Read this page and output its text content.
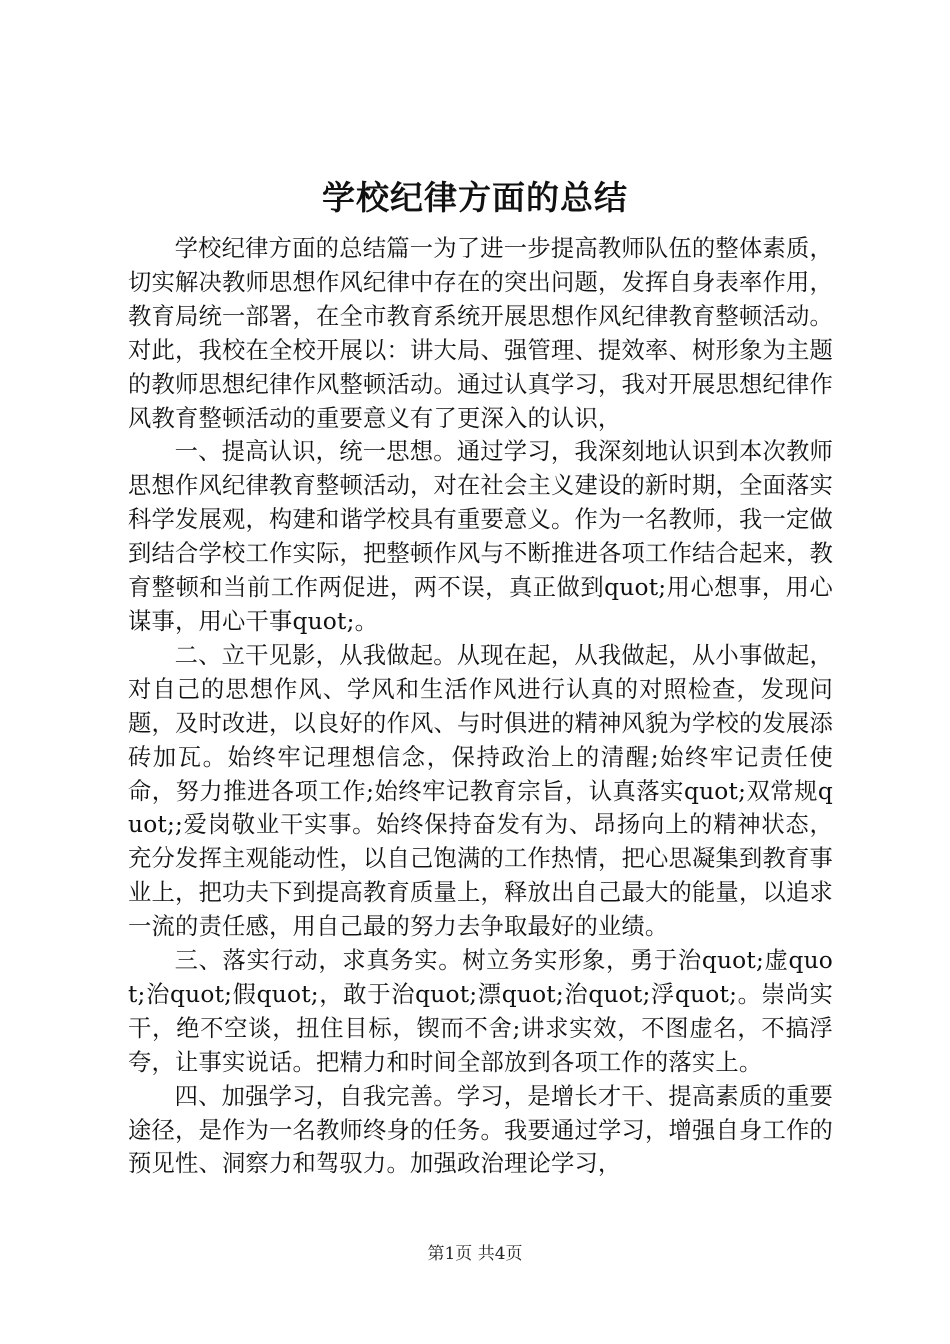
学校纪律方面的总结

学校纪律方面的总结篇一为了进一步提高教师队伍的整体素质，切实解决教师思想作风纪律中存在的突出问题，发挥自身表率作用，教育局统一部署，在全市教育系统开展思想作风纪律教育整顿活动。对此，我校在全校开展以：讲大局、强管理、提效率、树形象为主题的教师思想纪律作风整顿活动。通过认真学习，我对开展思想纪律作风教育整顿活动的重要意义有了更深入的认识，

一、提高认识，统一思想。通过学习，我深刻地认识到本次教师思想作风纪律教育整顿活动，对在社会主义建设的新时期，全面落实科学发展观，构建和谐学校具有重要意义。作为一名教师，我一定做到结合学校工作实际，把整顿作风与不断推进各项工作结合起来，教育整顿和当前工作两促进，两不误，真正做到quot;用心想事，用心谋事，用心干事quot;。

二、立干见影，从我做起。从现在起，从我做起，从小事做起，对自己的思想作风、学风和生活作风进行认真的对照检查，发现问题，及时改进，以良好的作风、与时俱进的精神风貌为学校的发展添砖加瓦。始终牢记理想信念，保持政治上的清醒;始终牢记责任使命，努力推进各项工作;始终牢记教育宗旨，认真落实quot;双常规quot;;爱岗敬业干实事。始终保持奋发有为、昂扬向上的精神状态，充分发挥主观能动性，以自己饱满的工作热情，把心思凝集到教育事业上，把功夫下到提高教育质量上，释放出自己最大的能量，以追求一流的责任感，用自己最的努力去争取最好的业绩。

三、落实行动，求真务实。树立务实形象，勇于治quot;虚quot;治quot;假quot;，敢于治quot;漂quot;治quot;浮quot;。崇尚实干，绝不空谈，扭住目标，锲而不舍;讲求实效，不图虚名，不搞浮夸，让事实说话。把精力和时间全部放到各项工作的落实上。

四、加强学习，自我完善。学习，是增长才干、提高素质的重要途径，是作为一名教师终身的任务。我要通过学习，增强自身工作的预见性、洞察力和驾驭力。加强政治理论学习，

第1页 共4页
